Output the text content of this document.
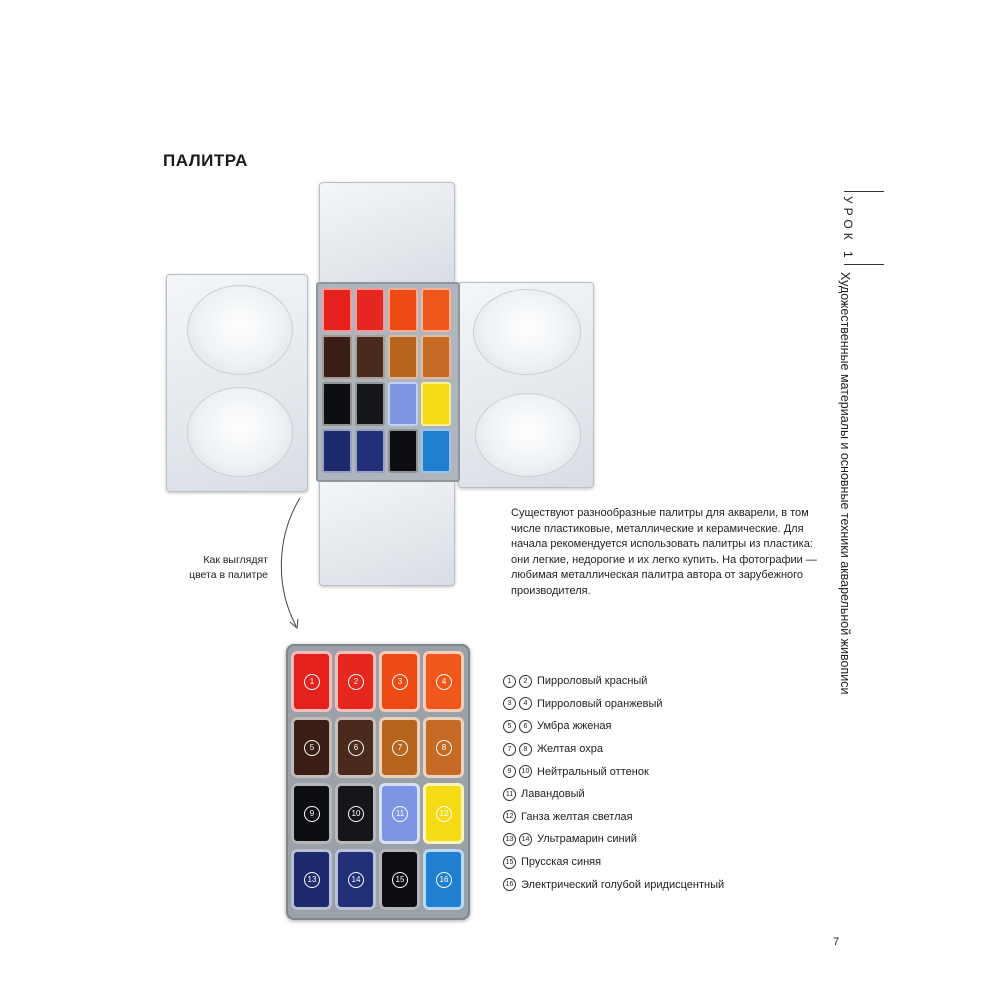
ПАЛИТРА
УРОК 1
Художественные материалы и основные техники акварельной живописи
Как выглядят
цвета в палитре
Существуют разнообразные палитры для акварели, в том числе пластиковые, металлические и керамические. Для начала рекомендуется использовать палитры из пластика: они легкие, недорогие и их легко купить. На фотографии — любимая металлическая палитра автора от зарубежного производителя.
1	2	3	4
5	6	7	8
9	10	11	12
13	14	15	16
1	2 Пирроловый красный
3	4 Пирроловый оранжевый
5	6 Умбра жженая
7	8 Желтая охра
9	10 Нейтральный оттенок
11 Лавандовый
12 Ганза желтая светлая
13	14 Ультрамарин синий
15 Прусская синяя
16 Электрический голубой иридисцентный
7
